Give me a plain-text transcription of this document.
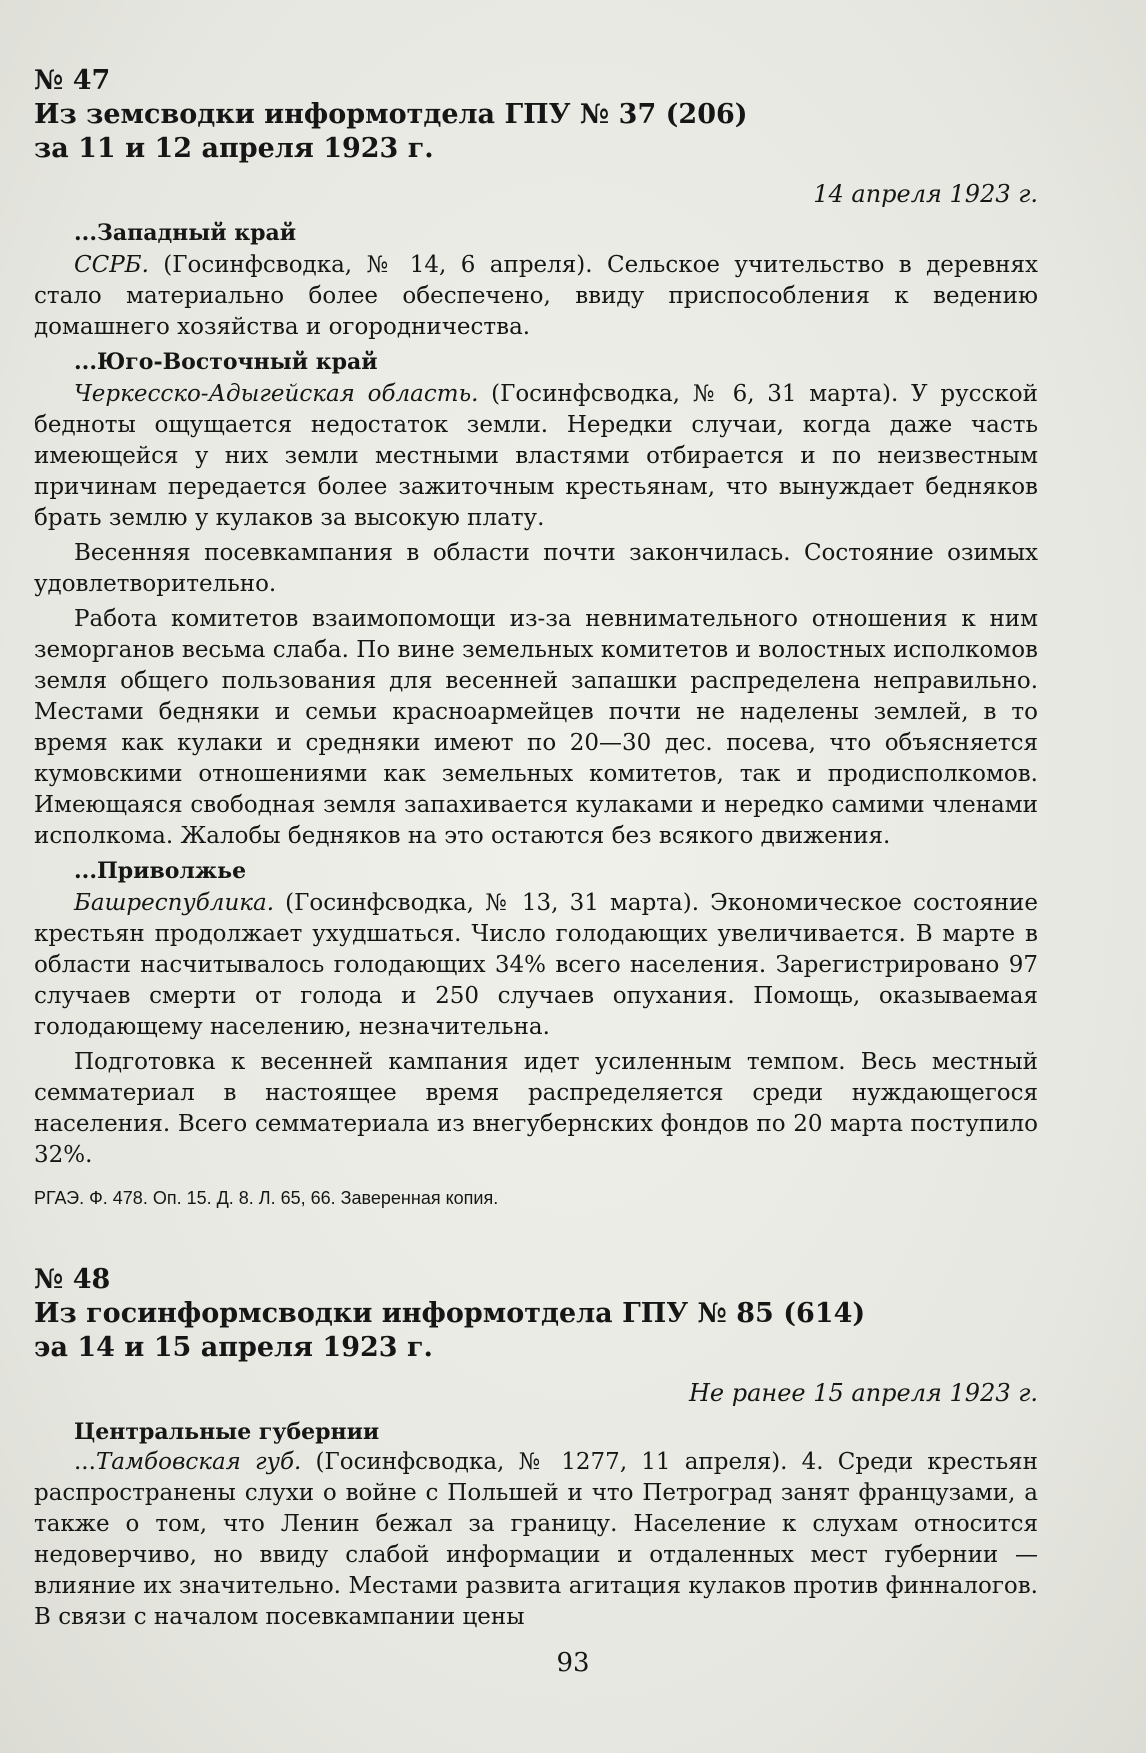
№ 47
Из земсводки информотдела ГПУ № 37 (206)
за 11 и 12 апреля 1923 г.
14 апреля 1923 г.
...Западный край

ССРБ. (Госинфсводка, № 14, 6 апреля). Сельское учительство в деревнях стало материально более обеспечено, ввиду приспособления к ведению домашнего хозяйства и огородничества.

...Юго-Восточный край

Черкесско-Адыгейская область. (Госинфсводка, № 6, 31 марта). У русской бедноты ощущается недостаток земли. Нередки случаи, когда даже часть имеющейся у них земли местными властями отбирается и по неизвестным причинам передается более зажиточным крестьянам, что вынуждает бедняков брать землю у кулаков за высокую плату.

Весенняя посевкампания в области почти закончилась. Состояние озимых удовлетворительно.

Работа комитетов взаимопомощи из-за невнимательного отношения к ним земорганов весьма слаба. По вине земельных комитетов и волостных исполкомов земля общего пользования для весенней запашки распределена неправильно. Местами бедняки и семьи красноармейцев почти не наделены землей, в то время как кулаки и средняки имеют по 20—30 дес. посева, что объясняется кумовскими отношениями как земельных комитетов, так и продисполкомов. Имеющаяся свободная земля запахивается кулаками и нередко самими членами исполкома. Жалобы бедняков на это остаются без всякого движения.

...Приволжье

Башреспублика. (Госинфсводка, № 13, 31 марта). Экономическое состояние крестьян продолжает ухудшаться. Число голодающих увеличивается. В марте в области насчитывалось голодающих 34% всего населения. Зарегистрировано 97 случаев смерти от голода и 250 случаев опухания. Помощь, оказываемая голодающему населению, незначительна.

Подготовка к весенней кампания идет усиленным темпом. Весь местный семматериал в настоящее время распределяется среди нуждающегося населения. Всего семматериала из внегубернских фондов по 20 марта поступило 32%.

РГАЭ. Ф. 478. Оп. 15. Д. 8. Л. 65, 66. Заверенная копия.
№ 48
Из госинформсводки информотдела ГПУ № 85 (614)
эа 14 и 15 апреля 1923 г.
Не ранее 15 апреля 1923 г.
Центральные губернии

...Тамбовская губ. (Госинфсводка, № 1277, 11 апреля). 4. Среди крестьян распространены слухи о войне с Польшей и что Петроград занят французами, а также о том, что Ленин бежал за границу. Население к слухам относится недоверчиво, но ввиду слабой информации и отдаленных мест губернии — влияние их значительно. Местами развита агитация кулаков против финналогов. В связи с началом посевкампании цены

93
